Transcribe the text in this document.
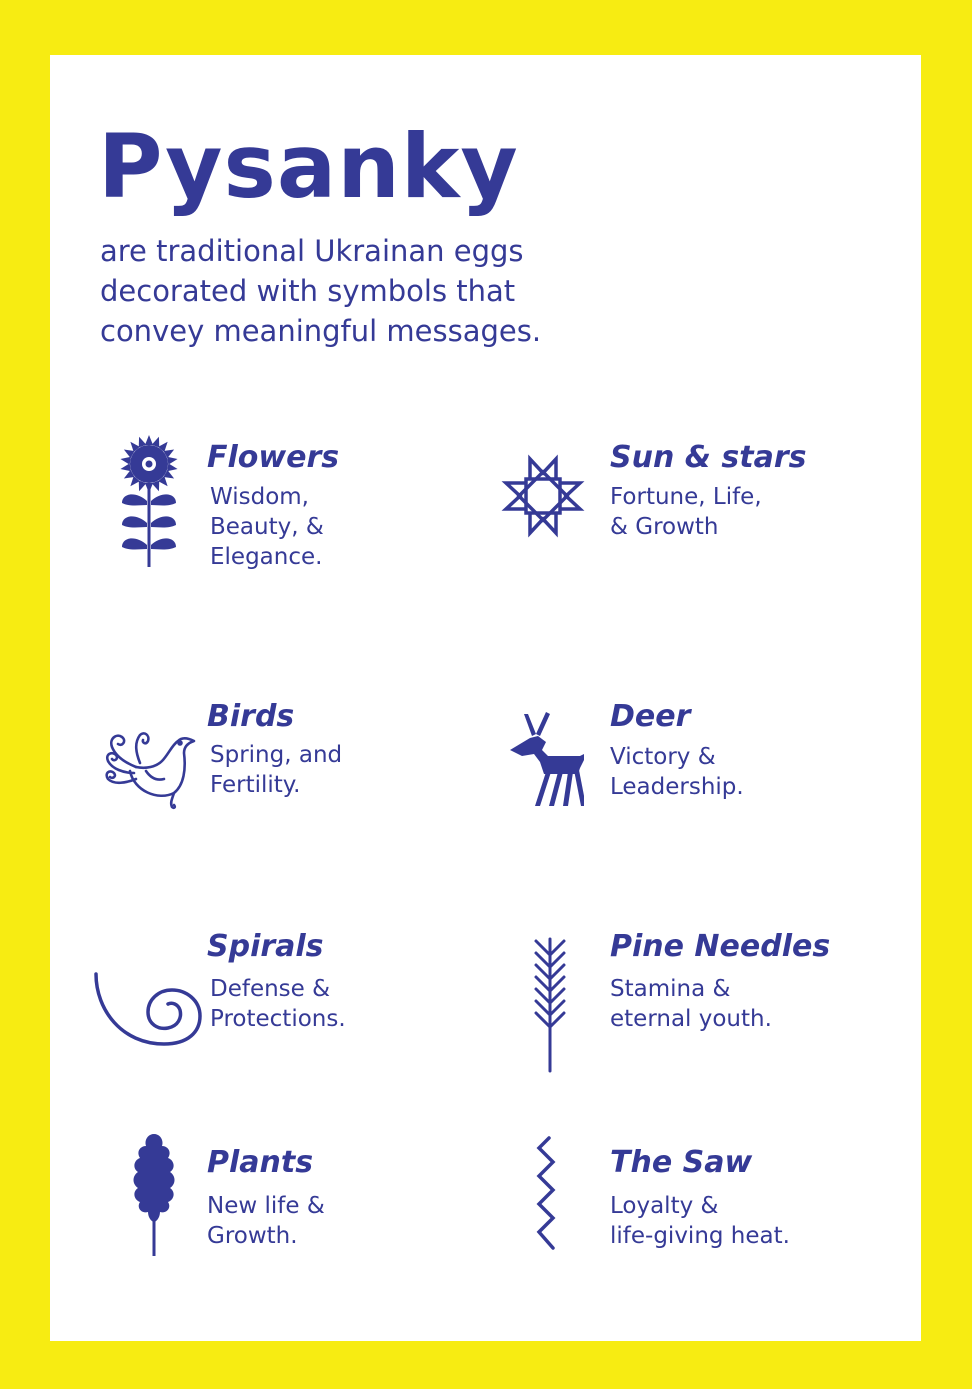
Pysanky

are traditional Ukrainan eggs
decorated with symbols that
convey meaningful messages.

Flowers

Wisdom,
Beauty, &
Elegance.

Sun & stars

Fortune, Life,
& Growth

Birds

Spring, and
Fertility.

Deer

Victory &
Leadership.

Spirals

Defense &
Protections.

Pine Needles

Stamina &
eternal youth.

Plants

New life &
Growth.

The Saw

Loyalty &
life-giving heat.
